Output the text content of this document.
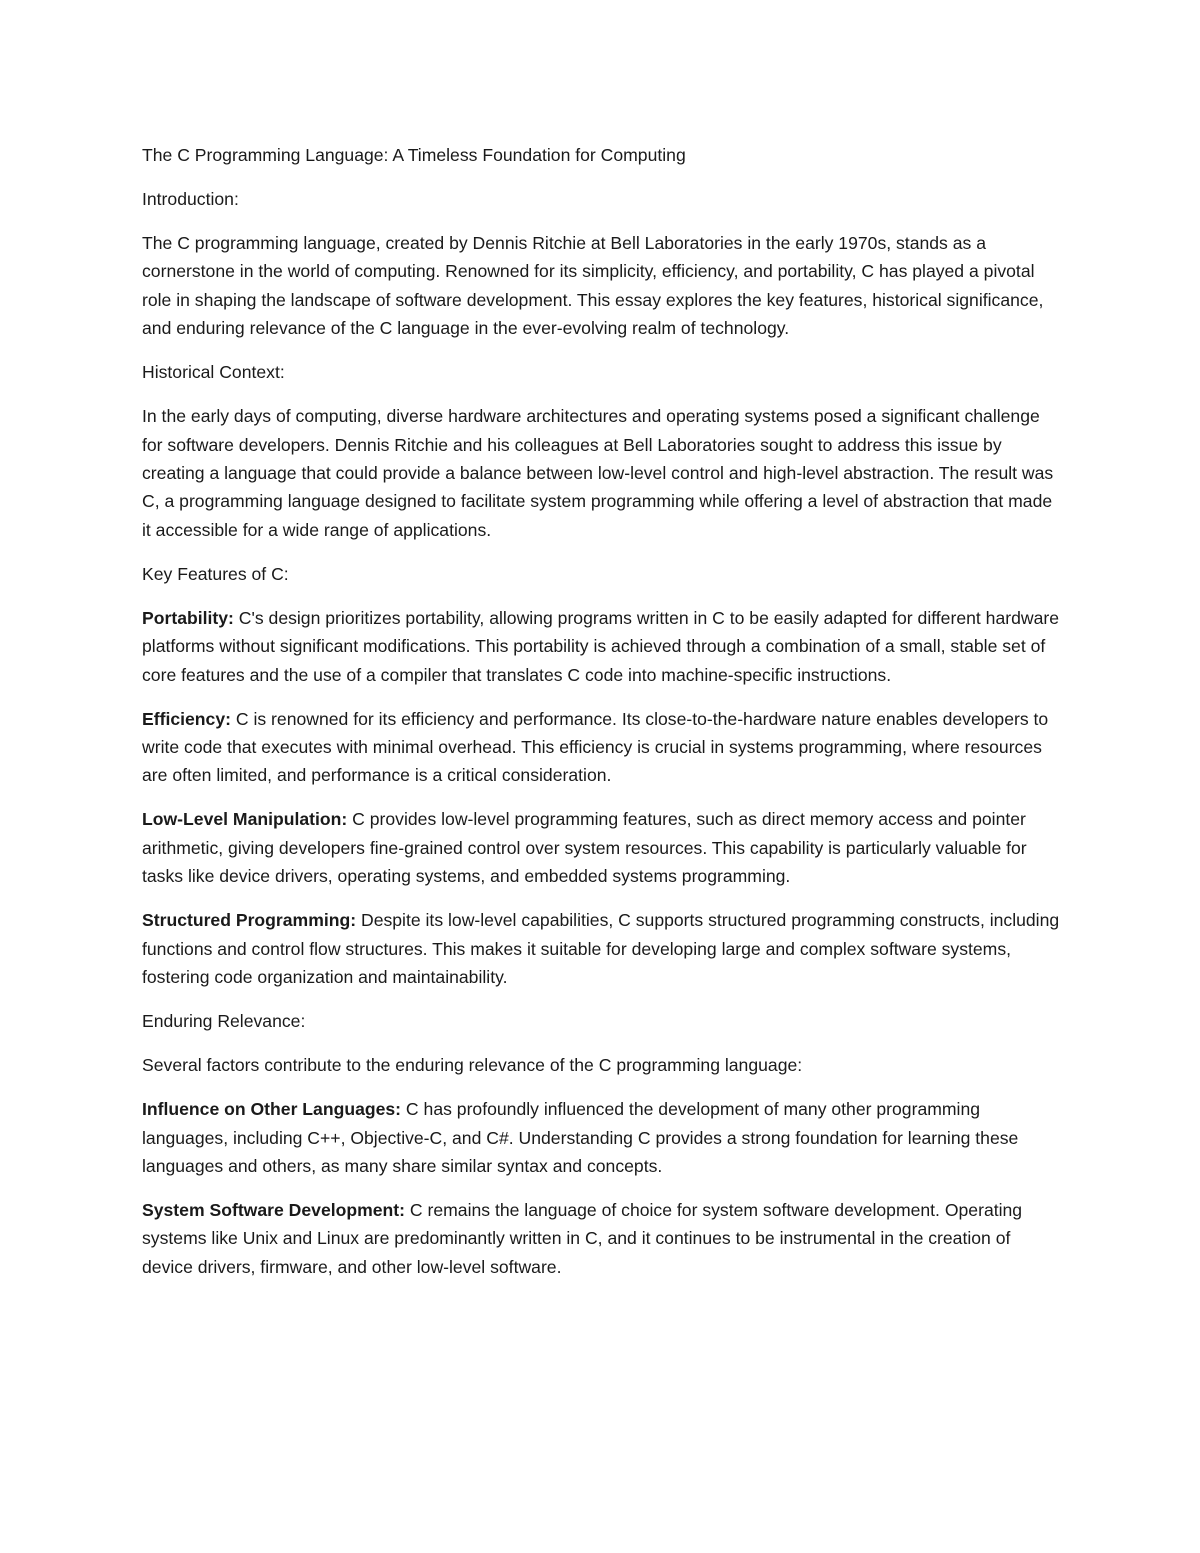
The C Programming Language: A Timeless Foundation for Computing

Introduction:

The C programming language, created by Dennis Ritchie at Bell Laboratories in the early 1970s, stands as a cornerstone in the world of computing. Renowned for its simplicity, efficiency, and portability, C has played a pivotal role in shaping the landscape of software development. This essay explores the key features, historical significance, and enduring relevance of the C language in the ever-evolving realm of technology.

Historical Context:

In the early days of computing, diverse hardware architectures and operating systems posed a significant challenge for software developers. Dennis Ritchie and his colleagues at Bell Laboratories sought to address this issue by creating a language that could provide a balance between low-level control and high-level abstraction. The result was C, a programming language designed to facilitate system programming while offering a level of abstraction that made it accessible for a wide range of applications.

Key Features of C:

Portability: C's design prioritizes portability, allowing programs written in C to be easily adapted for different hardware platforms without significant modifications. This portability is achieved through a combination of a small, stable set of core features and the use of a compiler that translates C code into machine-specific instructions.

Efficiency: C is renowned for its efficiency and performance. Its close-to-the-hardware nature enables developers to write code that executes with minimal overhead. This efficiency is crucial in systems programming, where resources are often limited, and performance is a critical consideration.

Low-Level Manipulation: C provides low-level programming features, such as direct memory access and pointer arithmetic, giving developers fine-grained control over system resources. This capability is particularly valuable for tasks like device drivers, operating systems, and embedded systems programming.

Structured Programming: Despite its low-level capabilities, C supports structured programming constructs, including functions and control flow structures. This makes it suitable for developing large and complex software systems, fostering code organization and maintainability.

Enduring Relevance:

Several factors contribute to the enduring relevance of the C programming language:

Influence on Other Languages: C has profoundly influenced the development of many other programming languages, including C++, Objective-C, and C#. Understanding C provides a strong foundation for learning these languages and others, as many share similar syntax and concepts.

System Software Development: C remains the language of choice for system software development. Operating systems like Unix and Linux are predominantly written in C, and it continues to be instrumental in the creation of device drivers, firmware, and other low-level software.
